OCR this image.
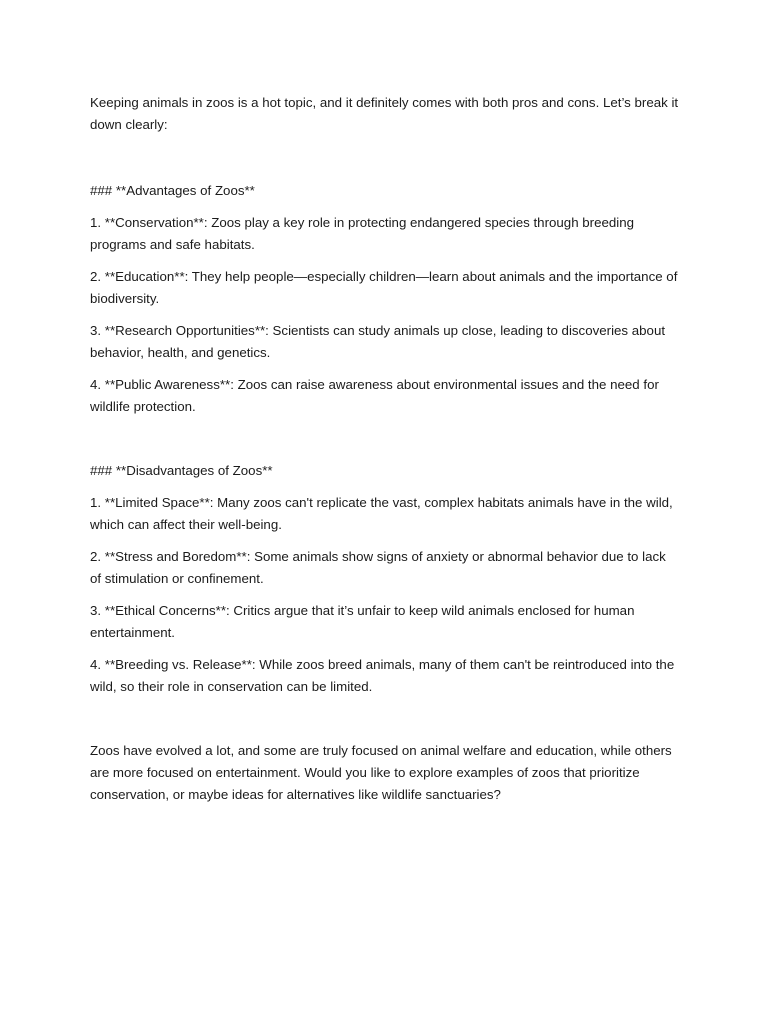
Keeping animals in zoos is a hot topic, and it definitely comes with both pros and cons. Let’s break it down clearly:

### **Advantages of Zoos**

1. **Conservation**: Zoos play a key role in protecting endangered species through breeding programs and safe habitats.

2. **Education**: They help people—especially children—learn about animals and the importance of biodiversity.

3. **Research Opportunities**: Scientists can study animals up close, leading to discoveries about behavior, health, and genetics.

4. **Public Awareness**: Zoos can raise awareness about environmental issues and the need for wildlife protection.

### **Disadvantages of Zoos**

1. **Limited Space**: Many zoos can't replicate the vast, complex habitats animals have in the wild, which can affect their well-being.

2. **Stress and Boredom**: Some animals show signs of anxiety or abnormal behavior due to lack of stimulation or confinement.

3. **Ethical Concerns**: Critics argue that it’s unfair to keep wild animals enclosed for human entertainment.

4. **Breeding vs. Release**: While zoos breed animals, many of them can't be reintroduced into the wild, so their role in conservation can be limited.

Zoos have evolved a lot, and some are truly focused on animal welfare and education, while others are more focused on entertainment. Would you like to explore examples of zoos that prioritize conservation, or maybe ideas for alternatives like wildlife sanctuaries?
